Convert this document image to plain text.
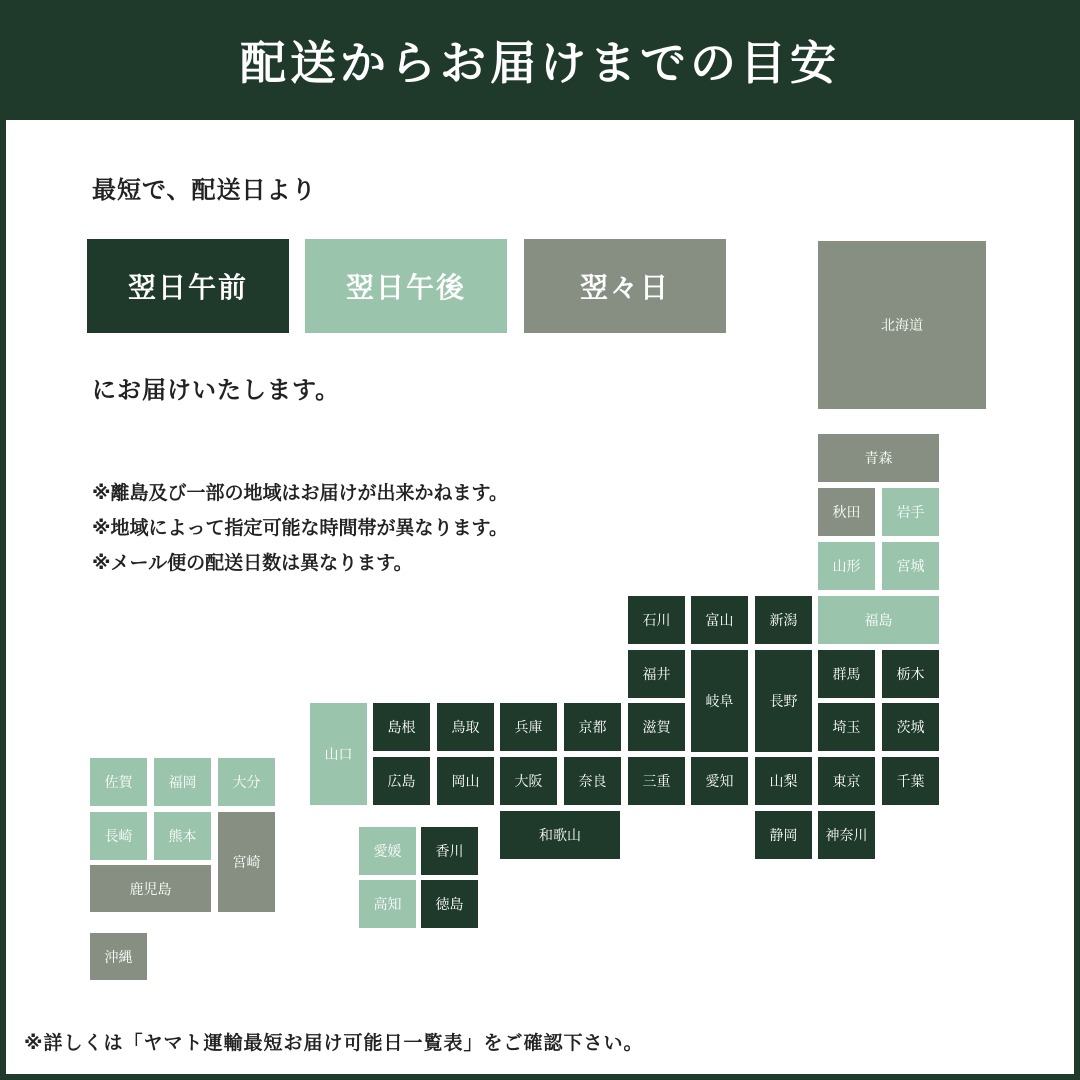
配送からお届けまでの目安
最短で、配送日より
翌日午前	翌日午後	翌々日
にお届けいたします。
※離島及び一部の地域はお届けが出来かねます。
※地域によって指定可能な時間帯が異なります。
※メール便の配送日数は異なります。
北海道
青森
秋田	岩手
山形	宮城
福島
石川	富山	新潟
福井
岐阜	長野
群馬	栃木
山口
島根	鳥取	兵庫	京都	滋賀	埼玉	茨城
広島	岡山	大阪	奈良	三重	愛知	山梨	東京	千葉
和歌山	静岡	神奈川
愛媛	香川
高知	徳島
佐賀	福岡	大分
長崎	熊本
宮崎
鹿児島
沖縄
※詳しくは「ヤマト運輸最短お届け可能日一覧表」をご確認下さい。
